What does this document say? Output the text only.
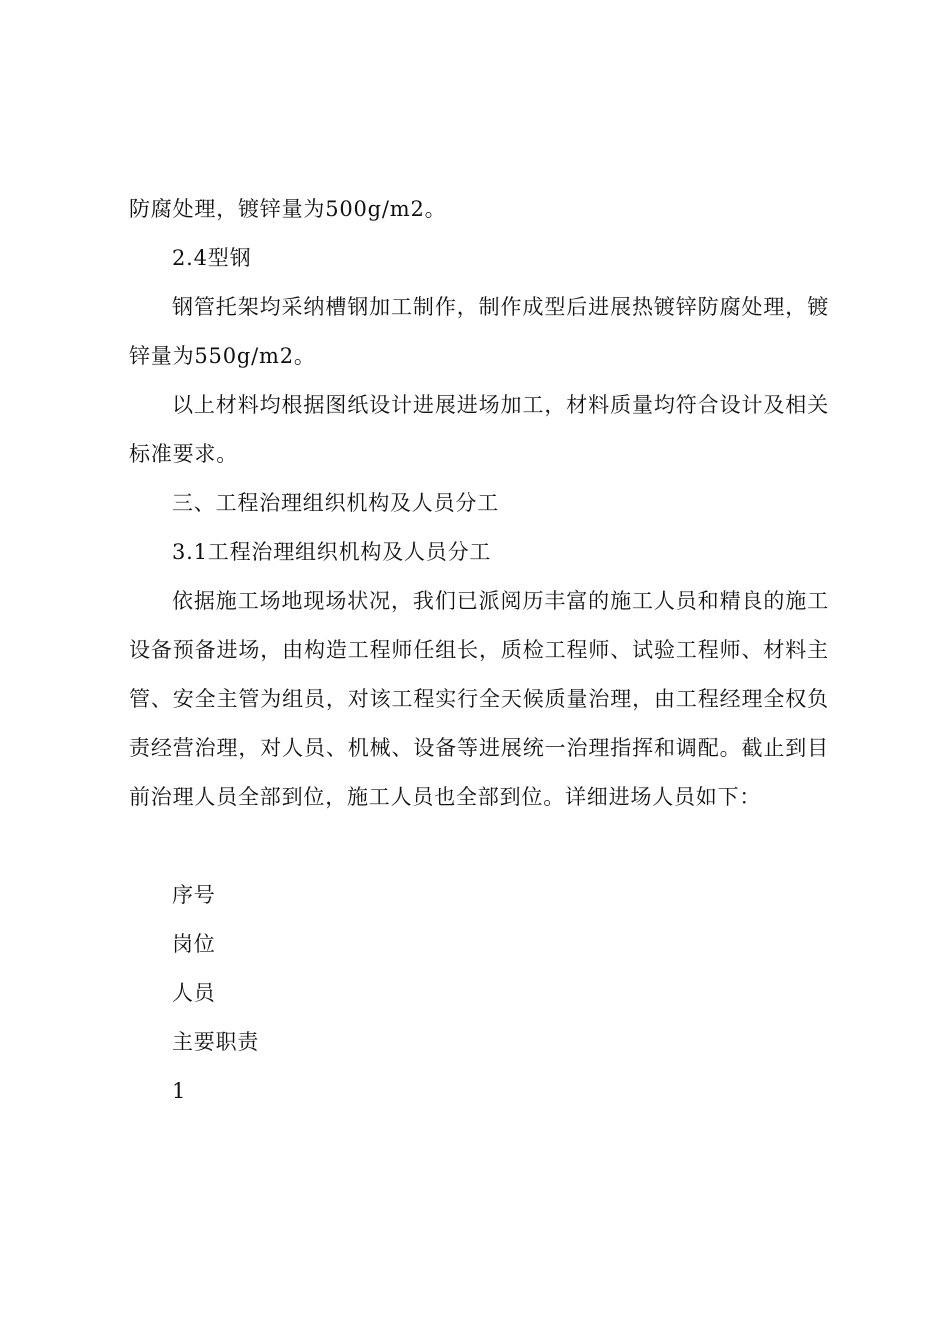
防腐处理，镀锌量为500g/m2。

2.4型钢

钢管托架均采纳槽钢加工制作，制作成型后进展热镀锌防腐处理，镀锌量为550g/m2。

以上材料均根据图纸设计进展进场加工，材料质量均符合设计及相关标准要求。

三、工程治理组织机构及人员分工

3.1工程治理组织机构及人员分工

依据施工场地现场状况，我们已派阅历丰富的施工人员和精良的施工设备预备进场，由构造工程师任组长，质检工程师、试验工程师、材料主管、安全主管为组员，对该工程实行全天候质量治理，由工程经理全权负责经营治理，对人员、机械、设备等进展统一治理指挥和调配。截止到目前治理人员全部到位，施工人员也全部到位。详细进场人员如下：

序号

岗位

人员

主要职责

1
